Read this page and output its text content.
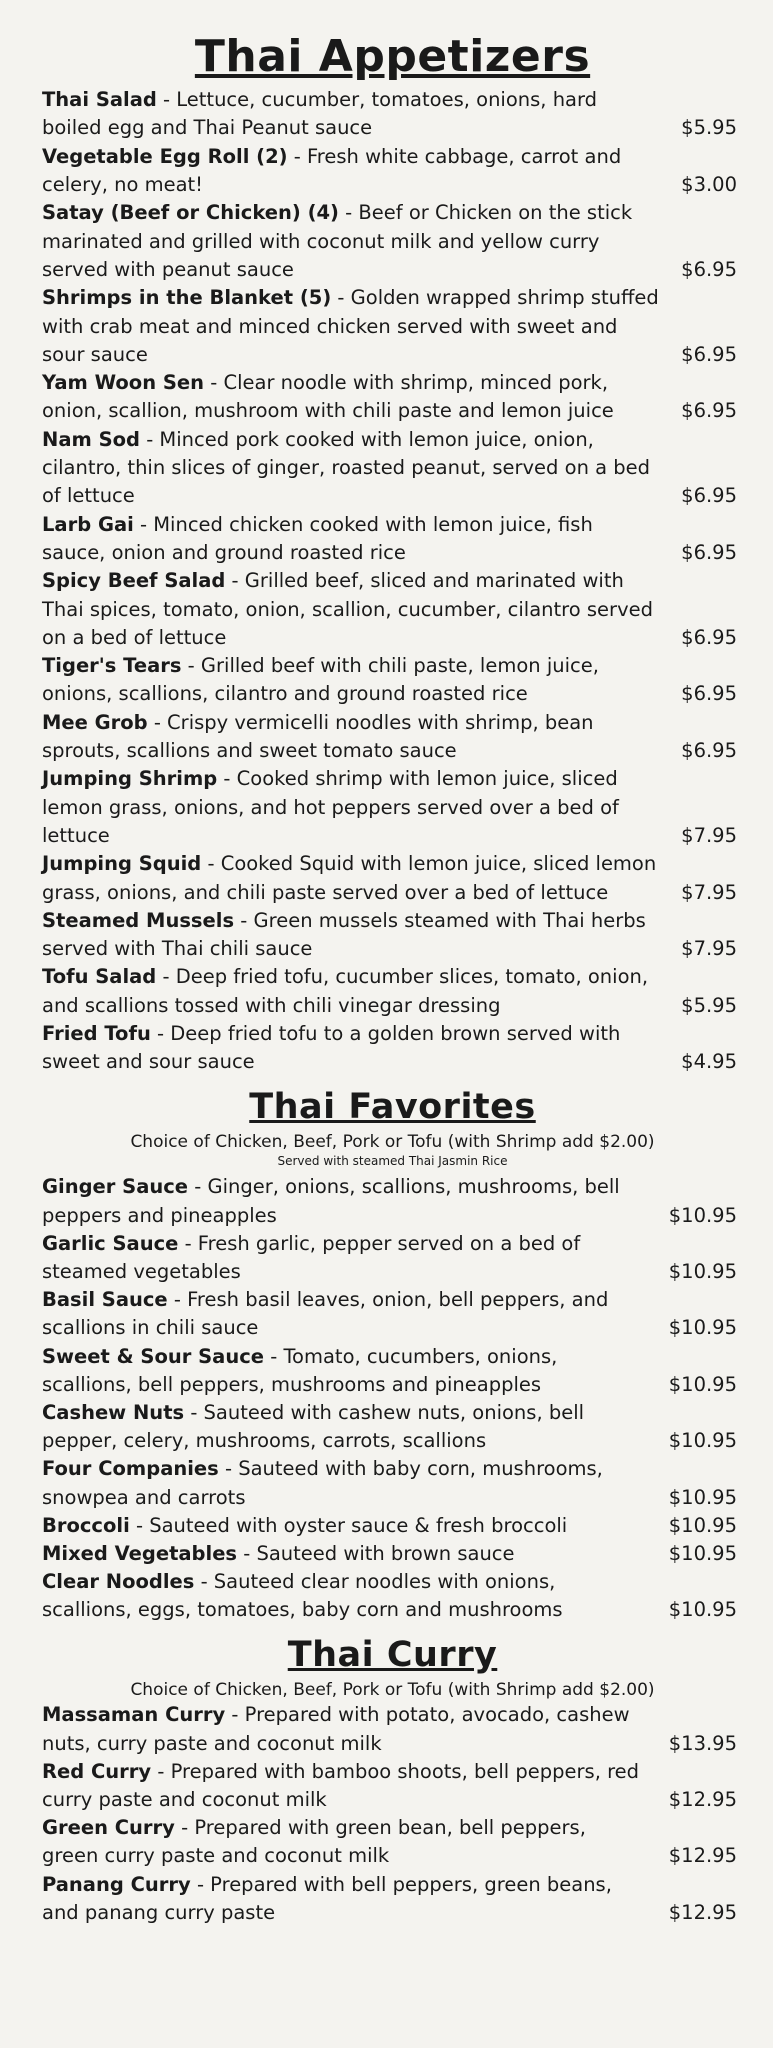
Thai Appetizers
Thai Salad - Lettuce, cucumber, tomatoes, onions, hard boiled egg and Thai Peanut sauce	$5.95
Vegetable Egg Roll (2) - Fresh white cabbage, carrot and celery, no meat!	$3.00
Satay (Beef or Chicken) (4) - Beef or Chicken on the stick marinated and grilled with coconut milk and yellow curry served with peanut sauce	$6.95
Shrimps in the Blanket (5) - Golden wrapped shrimp stuffed with crab meat and minced chicken served with sweet and sour sauce	$6.95
Yam Woon Sen - Clear noodle with shrimp, minced pork, onion, scallion, mushroom with chili paste and lemon juice	$6.95
Nam Sod - Minced pork cooked with lemon juice, onion, cilantro, thin slices of ginger, roasted peanut, served on a bed of lettuce	$6.95
Larb Gai - Minced chicken cooked with lemon juice, fish sauce, onion and ground roasted rice	$6.95
Spicy Beef Salad - Grilled beef, sliced and marinated with Thai spices, tomato, onion, scallion, cucumber, cilantro served on a bed of lettuce	$6.95
Tiger's Tears - Grilled beef with chili paste, lemon juice, onions, scallions, cilantro and ground roasted rice	$6.95
Mee Grob - Crispy vermicelli noodles with shrimp, bean sprouts, scallions and sweet tomato sauce	$6.95
Jumping Shrimp - Cooked shrimp with lemon juice, sliced lemon grass, onions, and hot peppers served over a bed of lettuce	$7.95
Jumping Squid - Cooked Squid with lemon juice, sliced lemon grass, onions, and chili paste served over a bed of lettuce	$7.95
Steamed Mussels - Green mussels steamed with Thai herbs served with Thai chili sauce	$7.95
Tofu Salad - Deep fried tofu, cucumber slices, tomato, onion, and scallions tossed with chili vinegar dressing	$5.95
Fried Tofu - Deep fried tofu to a golden brown served with sweet and sour sauce	$4.95
Thai Favorites
Choice of Chicken, Beef, Pork or Tofu (with Shrimp add $2.00)
Served with steamed Thai Jasmin Rice
Ginger Sauce - Ginger, onions, scallions, mushrooms, bell peppers and pineapples	$10.95
Garlic Sauce - Fresh garlic, pepper served on a bed of steamed vegetables	$10.95
Basil Sauce - Fresh basil leaves, onion, bell peppers, and scallions in chili sauce	$10.95
Sweet & Sour Sauce - Tomato, cucumbers, onions, scallions, bell peppers, mushrooms and pineapples	$10.95
Cashew Nuts - Sauteed with cashew nuts, onions, bell pepper, celery, mushrooms, carrots, scallions	$10.95
Four Companies - Sauteed with baby corn, mushrooms, snowpea and carrots	$10.95
Broccoli - Sauteed with oyster sauce & fresh broccoli	$10.95
Mixed Vegetables - Sauteed with brown sauce	$10.95
Clear Noodles - Sauteed clear noodles with onions, scallions, eggs, tomatoes, baby corn and mushrooms	$10.95
Thai Curry
Choice of Chicken, Beef, Pork or Tofu (with Shrimp add $2.00)
Massaman Curry - Prepared with potato, avocado, cashew nuts, curry paste and coconut milk	$13.95
Red Curry - Prepared with bamboo shoots, bell peppers, red curry paste and coconut milk	$12.95
Green Curry - Prepared with green bean, bell peppers, green curry paste and coconut milk	$12.95
Panang Curry - Prepared with bell peppers, green beans, and panang curry paste	$12.95
